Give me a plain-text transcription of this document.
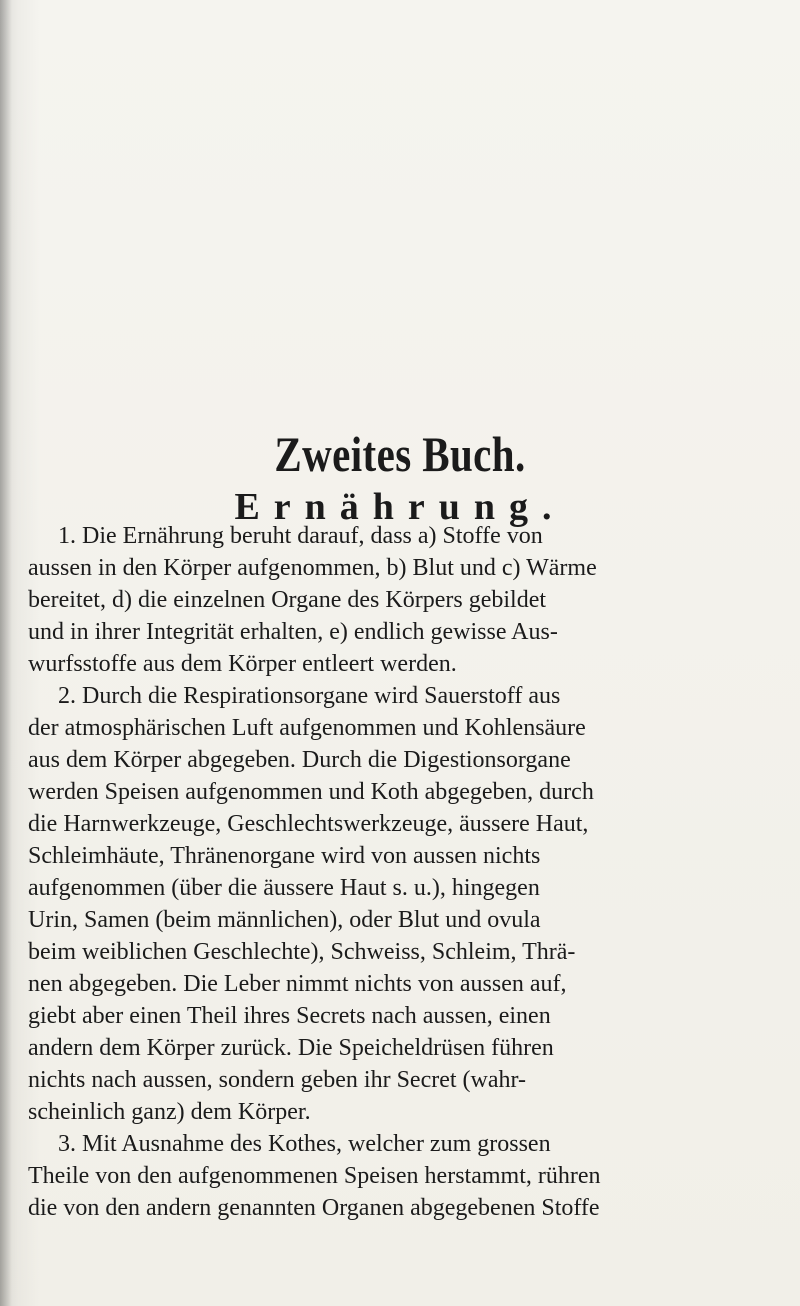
Zweites Buch.
Ernährung.
1. Die Ernährung beruht darauf, dass a) Stoffe von
aussen in den Körper aufgenommen, b) Blut und c) Wärme
bereitet, d) die einzelnen Organe des Körpers gebildet
und in ihrer Integrität erhalten, e) endlich gewisse Aus-
wurfsstoffe aus dem Körper entleert werden.
2. Durch die Respirationsorgane wird Sauerstoff aus
der atmosphärischen Luft aufgenommen und Kohlensäure
aus dem Körper abgegeben. Durch die Digestionsorgane
werden Speisen aufgenommen und Koth abgegeben, durch
die Harnwerkzeuge, Geschlechtswerkzeuge, äussere Haut,
Schleimhäute, Thränenorgane wird von aussen nichts
aufgenommen (über die äussere Haut s. u.), hingegen
Urin, Samen (beim männlichen), oder Blut und ovula
beim weiblichen Geschlechte), Schweiss, Schleim, Thrä-
nen abgegeben. Die Leber nimmt nichts von aussen auf,
giebt aber einen Theil ihres Secrets nach aussen, einen
andern dem Körper zurück. Die Speicheldrüsen führen
nichts nach aussen, sondern geben ihr Secret (wahr-
scheinlich ganz) dem Körper.
3. Mit Ausnahme des Kothes, welcher zum grossen
Theile von den aufgenommenen Speisen herstammt, rühren
die von den andern genannten Organen abgegebenen Stoffe
